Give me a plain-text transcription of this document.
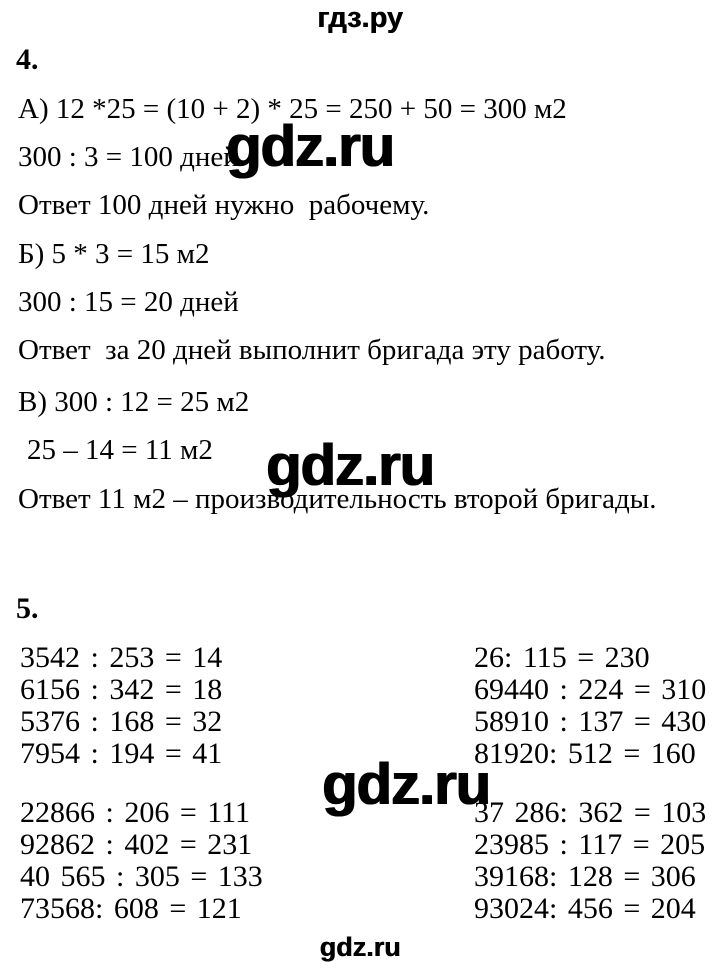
гдз.ру
4.
А) 12 *25 = (10 + 2) * 25 = 250 + 50 = 300 м2
300 : 3 = 100 дней
gdz.ru
Ответ 100 дней нужно  рабочему.
Б) 5 * 3 = 15 м2
300 : 15 = 20 дней
Ответ  за 20 дней выполнит бригада эту работу.
В) 300 : 12 = 25 м2
25 – 14 = 11 м2 gdz.ru
Ответ 11 м2 – производительность второй бригады.
5.
3542 : 253 = 14
6156 : 342 = 18
5376 : 168 = 32
7954 : 194 = 41
26: 115 = 230
69440 : 224 = 310
58910 : 137 = 430
81920: 512 = 160
gdz.ru
22866 : 206 = 111
92862 : 402 = 231
40 565 : 305 = 133
73568: 608 = 121
37 286: 362 = 103
23985 : 117 = 205
39168: 128 = 306
93024: 456 = 204
gdz.ru
